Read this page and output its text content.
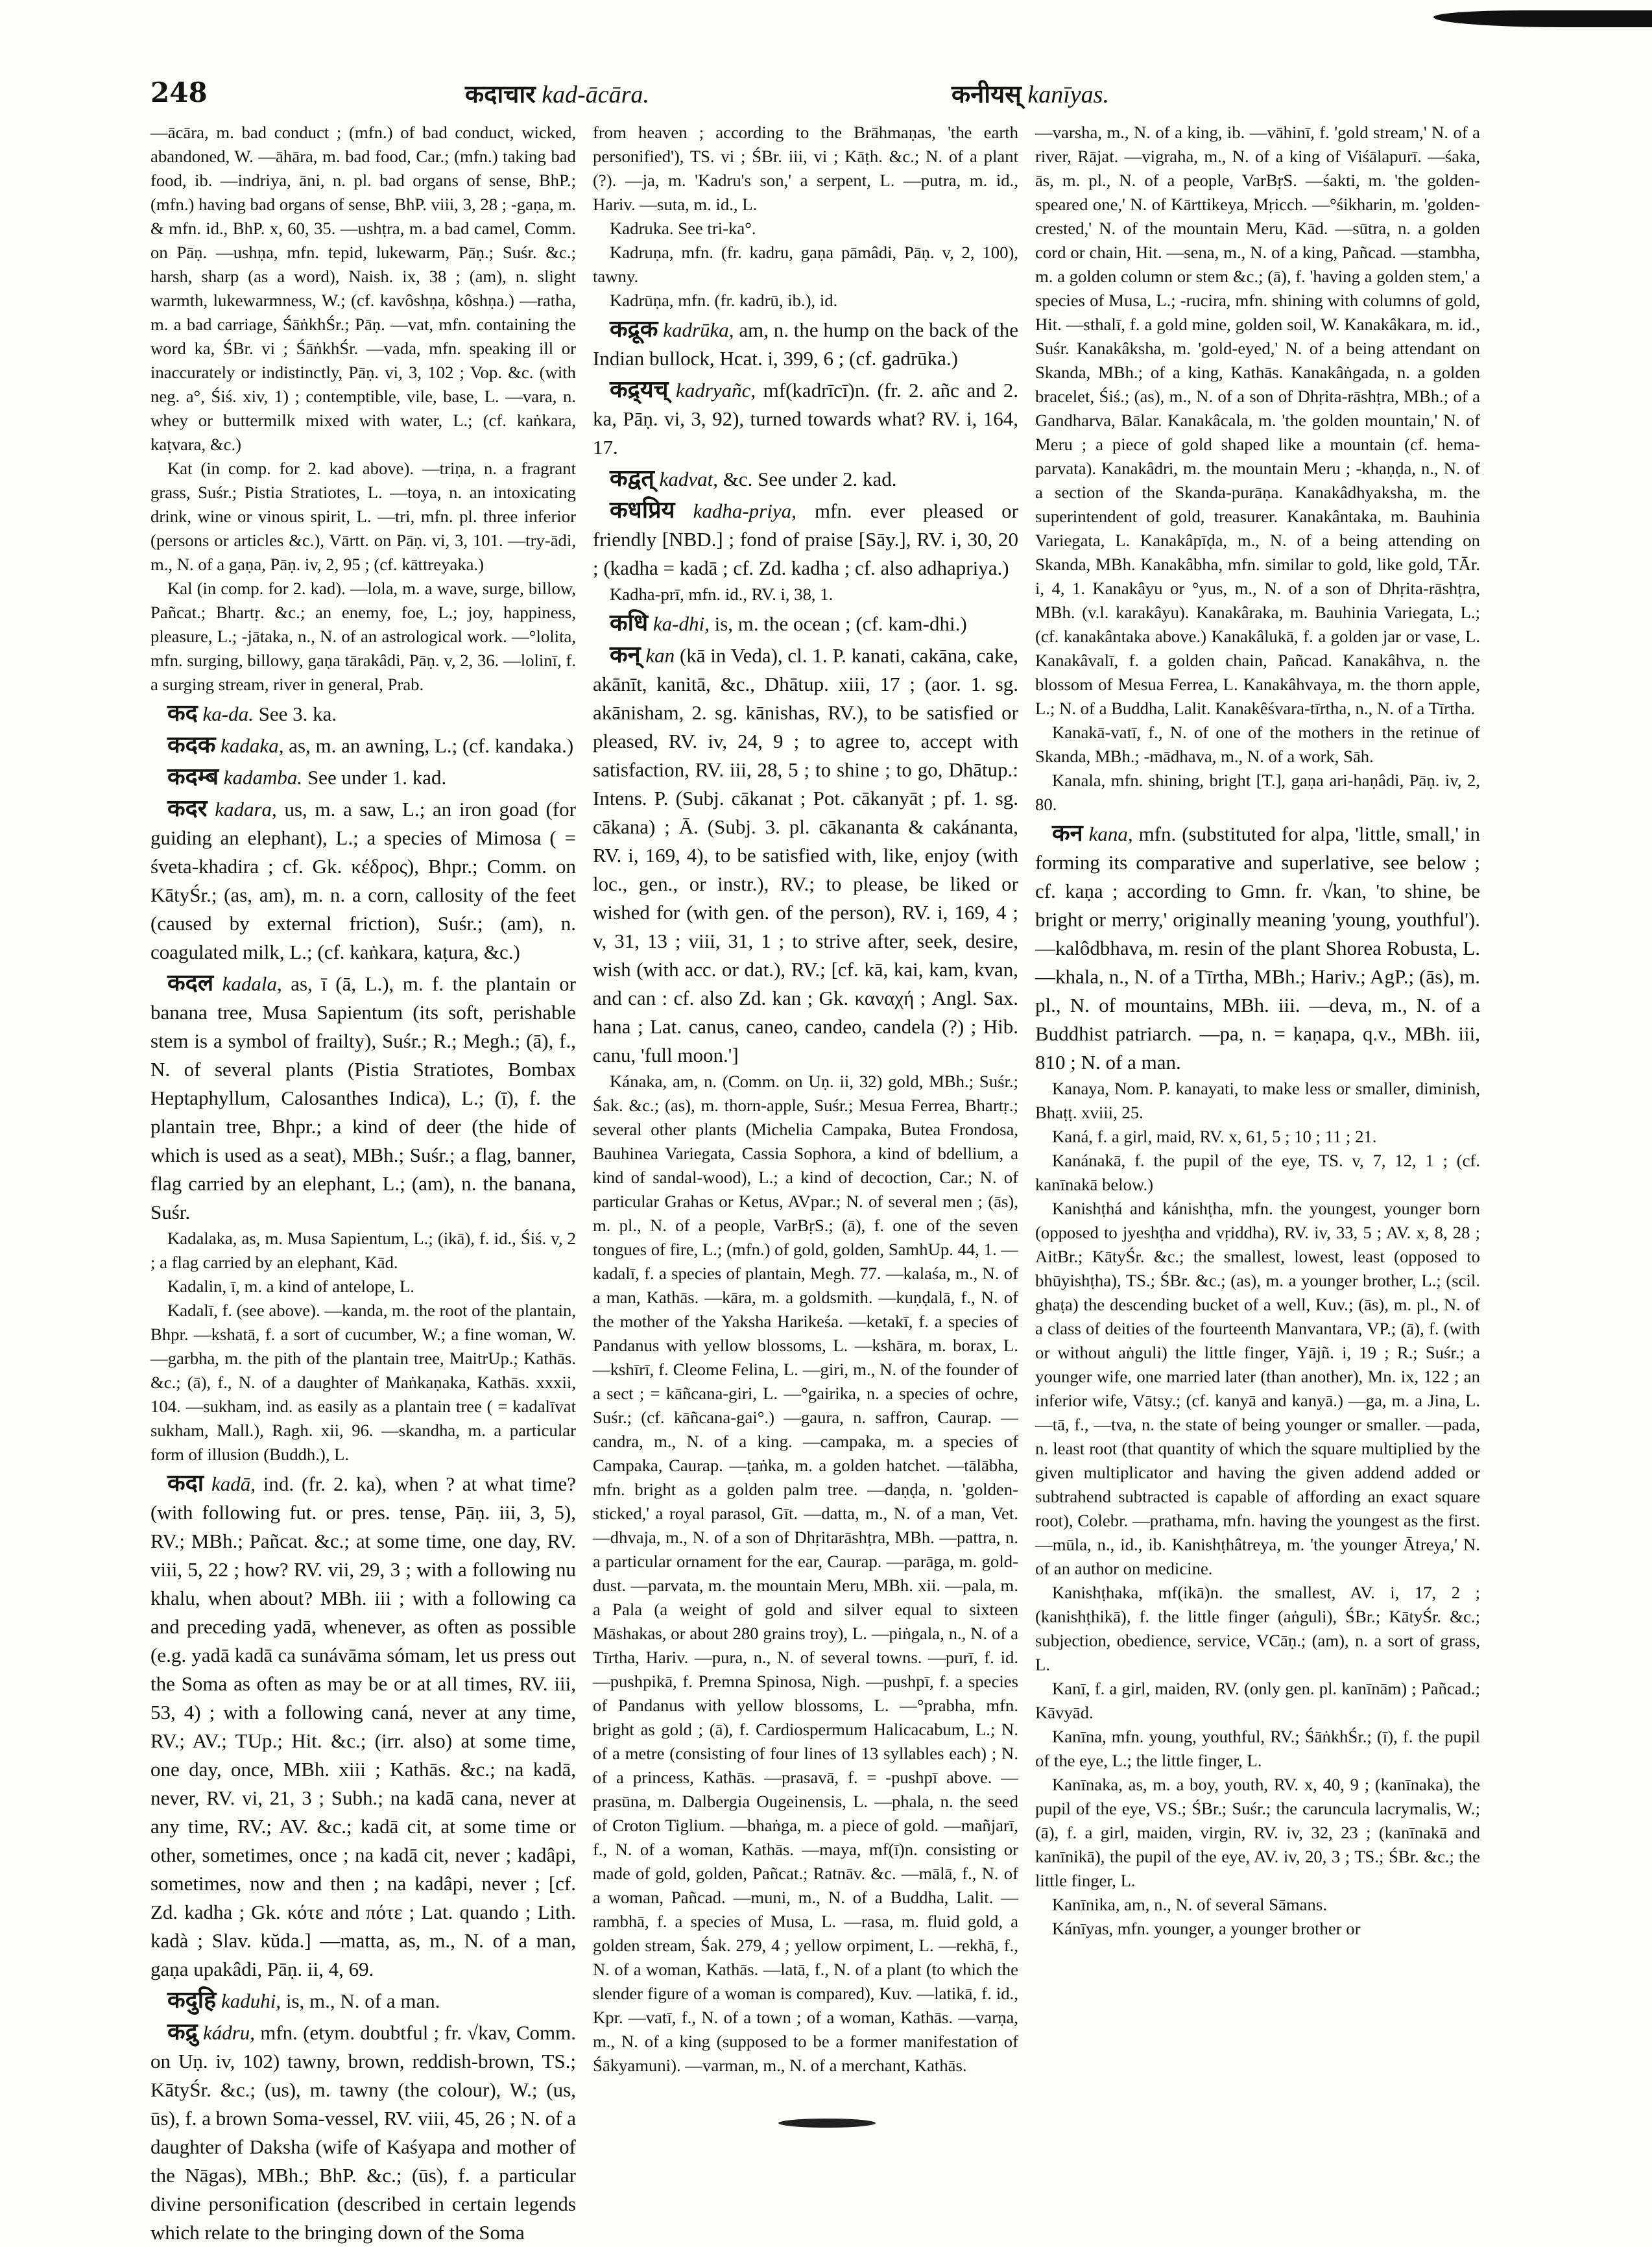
248	कदाचार kad-ācāra.	कनीयस् kanīyas.

—ācāra, m. bad conduct ; (mfn.) of bad conduct, wicked, abandoned, W. —āhāra, m. bad food, Car.; (mfn.) taking bad food, ib. —indriya, āni, n. pl. bad organs of sense, BhP.; (mfn.) having bad organs of sense, BhP. viii, 3, 28 ; -gaṇa, m. & mfn. id., BhP. x, 60, 35. —ushṭra, m. a bad camel, Comm. on Pāṇ. —ushṇa, mfn. tepid, lukewarm, Pāṇ.; Suśr. &c.; harsh, sharp (as a word), Naish. ix, 38 ; (am), n. slight warmth, lukewarmness, W.; (cf. kavôshṇa, kôshṇa.) —ratha, m. a bad carriage, ŚāṅkhŚr.; Pāṇ. —vat, mfn. containing the word ka, ŚBr. vi ; ŚāṅkhŚr. —vada, mfn. speaking ill or inaccurately or indistinctly, Pāṇ. vi, 3, 102 ; Vop. &c. (with neg. a°, Śiś. xiv, 1) ; contemptible, vile, base, L. —vara, n. whey or buttermilk mixed with water, L.; (cf. kaṅkara, kaṭvara, &c.)

Kat (in comp. for 2. kad above). —triṇa, n. a fragrant grass, Suśr.; Pistia Stratiotes, L. —toya, n. an intoxicating drink, wine or vinous spirit, L. —tri, mfn. pl. three inferior (persons or articles &c.), Vārtt. on Pāṇ. vi, 3, 101. —try-ādi, m., N. of a gaṇa, Pāṇ. iv, 2, 95 ; (cf. kāttreyaka.)

Kal (in comp. for 2. kad). —lola, m. a wave, surge, billow, Pañcat.; Bhartṛ. &c.; an enemy, foe, L.; joy, happiness, pleasure, L.; -jātaka, n., N. of an astrological work. —°lolita, mfn. surging, billowy, gaṇa tārakâdi, Pāṇ. v, 2, 36. —lolinī, f. a surging stream, river in general, Prab.

कद ka-da. See 3. ka.

कदक kadaka, as, m. an awning, L.; (cf. kandaka.)

कदम्ब kadamba. See under 1. kad.

कदर kadara, us, m. a saw, L.; an iron goad (for guiding an elephant), L.; a species of Mimosa ( = śveta-khadira ; cf. Gk. κέδρος), Bhpr.; Comm. on KātyŚr.; (as, am), m. n. a corn, callosity of the feet (caused by external friction), Suśr.; (am), n. coagulated milk, L.; (cf. kaṅkara, kaṭura, &c.)

कदल kadala, as, ī (ā, L.), m. f. the plantain or banana tree, Musa Sapientum (its soft, perishable stem is a symbol of frailty), Suśr.; R.; Megh.; (ā), f., N. of several plants (Pistia Stratiotes, Bombax Heptaphyllum, Calosanthes Indica), L.; (ī), f. the plantain tree, Bhpr.; a kind of deer (the hide of which is used as a seat), MBh.; Suśr.; a flag, banner, flag carried by an elephant, L.; (am), n. the banana, Suśr.

Kadalaka, as, m. Musa Sapientum, L.; (ikā), f. id., Śiś. v, 2 ; a flag carried by an elephant, Kād.

Kadalin, ī, m. a kind of antelope, L.

Kadalī, f. (see above). —kanda, m. the root of the plantain, Bhpr. —kshatā, f. a sort of cucumber, W.; a fine woman, W. —garbha, m. the pith of the plantain tree, MaitrUp.; Kathās. &c.; (ā), f., N. of a daughter of Maṅkaṇaka, Kathās. xxxii, 104. —sukham, ind. as easily as a plantain tree ( = kadalīvat sukham, Mall.), Ragh. xii, 96. —skandha, m. a particular form of illusion (Buddh.), L.

कदा kadā, ind. (fr. 2. ka), when ? at what time? (with following fut. or pres. tense, Pāṇ. iii, 3, 5), RV.; MBh.; Pañcat. &c.; at some time, one day, RV. viii, 5, 22 ; how? RV. vii, 29, 3 ; with a following nu khalu, when about? MBh. iii ; with a following ca and preceding yadā, whenever, as often as possible (e.g. yadā kadā ca sunávāma sómam, let us press out the Soma as often as may be or at all times, RV. iii, 53, 4) ; with a following caná, never at any time, RV.; AV.; TUp.; Hit. &c.; (irr. also) at some time, one day, once, MBh. xiii ; Kathās. &c.; na kadā, never, RV. vi, 21, 3 ; Subh.; na kadā cana, never at any time, RV.; AV. &c.; kadā cit, at some time or other, sometimes, once ; na kadā cit, never ; kadâpi, sometimes, now and then ; na kadâpi, never ; [cf. Zd. kadha ; Gk. κότε and πότε ; Lat. quando ; Lith. kadà ; Slav. kŭda.] —matta, as, m., N. of a man, gaṇa upakâdi, Pāṇ. ii, 4, 69.

कदुहि kaduhi, is, m., N. of a man.

कद्रु kádru, mfn. (etym. doubtful ; fr. √kav, Comm. on Uṇ. iv, 102) tawny, brown, reddish-brown, TS.; KātyŚr. &c.; (us), m. tawny (the colour), W.; (us, ūs), f. a brown Soma-vessel, RV. viii, 45, 26 ; N. of a daughter of Daksha (wife of Kaśyapa and mother of the Nāgas), MBh.; BhP. &c.; (ūs), f. a particular divine personification (described in certain legends which relate to the bringing down of the Soma

from heaven ; according to the Brāhmaṇas, 'the earth personified'), TS. vi ; ŚBr. iii, vi ; Kāṭh. &c.; N. of a plant (?). —ja, m. 'Kadru's son,' a serpent, L. —putra, m. id., Hariv. —suta, m. id., L.

Kadruka. See tri-ka°.

Kadruṇa, mfn. (fr. kadru, gaṇa pāmâdi, Pāṇ. v, 2, 100), tawny.

Kadrūṇa, mfn. (fr. kadrū, ib.), id.

कद्रूक kadrūka, am, n. the hump on the back of the Indian bullock, Hcat. i, 399, 6 ; (cf. gadrūka.)

कद्र्यच् kadryañc, mf(kadrīcī)n. (fr. 2. añc and 2. ka, Pāṇ. vi, 3, 92), turned towards what? RV. i, 164, 17.

कद्वत् kadvat, &c. See under 2. kad.

कधप्रिय kadha-priya, mfn. ever pleased or friendly [NBD.] ; fond of praise [Sāy.], RV. i, 30, 20 ; (kadha = kadā ; cf. Zd. kadha ; cf. also adhapriya.)

Kadha-prī, mfn. id., RV. i, 38, 1.

कधि ka-dhi, is, m. the ocean ; (cf. kam-dhi.)

कन् kan (kā in Veda), cl. 1. P. kanati, cakāna, cake, akānīt, kanitā, &c., Dhātup. xiii, 17 ; (aor. 1. sg. akānisham, 2. sg. kānishas, RV.), to be satisfied or pleased, RV. iv, 24, 9 ; to agree to, accept with satisfaction, RV. iii, 28, 5 ; to shine ; to go, Dhātup.: Intens. P. (Subj. cākanat ; Pot. cākanyāt ; pf. 1. sg. cākana) ; Ā. (Subj. 3. pl. cākananta & cakánanta, RV. i, 169, 4), to be satisfied with, like, enjoy (with loc., gen., or instr.), RV.; to please, be liked or wished for (with gen. of the person), RV. i, 169, 4 ; v, 31, 13 ; viii, 31, 1 ; to strive after, seek, desire, wish (with acc. or dat.), RV.; [cf. kā, kai, kam, kvan, and can : cf. also Zd. kan ; Gk. καναχή ; Angl. Sax. hana ; Lat. canus, caneo, candeo, candela (?) ; Hib. canu, 'full moon.']

Kánaka, am, n. (Comm. on Uṇ. ii, 32) gold, MBh.; Suśr.; Śak. &c.; (as), m. thorn-apple, Suśr.; Mesua Ferrea, Bhartṛ.; several other plants (Michelia Campaka, Butea Frondosa, Bauhinea Variegata, Cassia Sophora, a kind of bdellium, a kind of sandal-wood), L.; a kind of decoction, Car.; N. of particular Grahas or Ketus, AVpar.; N. of several men ; (ās), m. pl., N. of a people, VarBṛS.; (ā), f. one of the seven tongues of fire, L.; (mfn.) of gold, golden, SamhUp. 44, 1. —kadalī, f. a species of plantain, Megh. 77. —kalaśa, m., N. of a man, Kathās. —kāra, m. a goldsmith. —kuṇḍalā, f., N. of the mother of the Yaksha Harikeśa. —ketakī, f. a species of Pandanus with yellow blossoms, L. —kshāra, m. borax, L. —kshīrī, f. Cleome Felina, L. —giri, m., N. of the founder of a sect ; = kāñcana-giri, L. —°gairika, n. a species of ochre, Suśr.; (cf. kāñcana-gai°.) —gaura, n. saffron, Caurap. —candra, m., N. of a king. —campaka, m. a species of Campaka, Caurap. —ṭaṅka, m. a golden hatchet. —tālābha, mfn. bright as a golden palm tree. —daṇḍa, n. 'golden-sticked,' a royal parasol, Gīt. —datta, m., N. of a man, Vet. —dhvaja, m., N. of a son of Dhṛitarāshṭra, MBh. —pattra, n. a particular ornament for the ear, Caurap. —parāga, m. gold-dust. —parvata, m. the mountain Meru, MBh. xii. —pala, m. a Pala (a weight of gold and silver equal to sixteen Māshakas, or about 280 grains troy), L. —piṅgala, n., N. of a Tīrtha, Hariv. —pura, n., N. of several towns. —purī, f. id. —pushpikā, f. Premna Spinosa, Nigh. —pushpī, f. a species of Pandanus with yellow blossoms, L. —°prabha, mfn. bright as gold ; (ā), f. Cardiospermum Halicacabum, L.; N. of a metre (consisting of four lines of 13 syllables each) ; N. of a princess, Kathās. —prasavā, f. = -pushpī above. —prasūna, m. Dalbergia Ougeinensis, L. —phala, n. the seed of Croton Tiglium. —bhaṅga, m. a piece of gold. —mañjarī, f., N. of a woman, Kathās. —maya, mf(ī)n. consisting or made of gold, golden, Pañcat.; Ratnāv. &c. —mālā, f., N. of a woman, Pañcad. —muni, m., N. of a Buddha, Lalit. —rambhā, f. a species of Musa, L. —rasa, m. fluid gold, a golden stream, Śak. 279, 4 ; yellow orpiment, L. —rekhā, f., N. of a woman, Kathās. —latā, f., N. of a plant (to which the slender figure of a woman is compared), Kuv. —latikā, f. id., Kpr. —vatī, f., N. of a town ; of a woman, Kathās. —varṇa, m., N. of a king (supposed to be a former manifestation of Śākyamuni). —varman, m., N. of a merchant, Kathās.

—varsha, m., N. of a king, ib. —vāhinī, f. 'gold stream,' N. of a river, Rājat. —vigraha, m., N. of a king of Viśālapurī. —śaka, ās, m. pl., N. of a people, VarBṛS. —śakti, m. 'the golden-speared one,' N. of Kārttikeya, Mṛicch. —°śikharin, m. 'golden-crested,' N. of the mountain Meru, Kād. —sūtra, n. a golden cord or chain, Hit. —sena, m., N. of a king, Pañcad. —stambha, m. a golden column or stem &c.; (ā), f. 'having a golden stem,' a species of Musa, L.; -rucira, mfn. shining with columns of gold, Hit. —sthalī, f. a gold mine, golden soil, W. Kanakâkara, m. id., Suśr. Kanakâksha, m. 'gold-eyed,' N. of a being attendant on Skanda, MBh.; of a king, Kathās. Kanakâṅgada, n. a golden bracelet, Śiś.; (as), m., N. of a son of Dhṛita-rāshṭra, MBh.; of a Gandharva, Bālar. Kanakâcala, m. 'the golden mountain,' N. of Meru ; a piece of gold shaped like a mountain (cf. hema-parvata). Kanakâdri, m. the mountain Meru ; -khaṇḍa, n., N. of a section of the Skanda-purāṇa. Kanakâdhyaksha, m. the superintendent of gold, treasurer. Kanakântaka, m. Bauhinia Variegata, L. Kanakâpīḍa, m., N. of a being attending on Skanda, MBh. Kanakâbha, mfn. similar to gold, like gold, TĀr. i, 4, 1. Kanakâyu or °yus, m., N. of a son of Dhṛita-rāshṭra, MBh. (v.l. karakâyu). Kanakâraka, m. Bauhinia Variegata, L.; (cf. kanakântaka above.) Kanakâlukā, f. a golden jar or vase, L. Kanakâvalī, f. a golden chain, Pañcad. Kanakâhva, n. the blossom of Mesua Ferrea, L. Kanakâhvaya, m. the thorn apple, L.; N. of a Buddha, Lalit. Kanakêśvara-tīrtha, n., N. of a Tīrtha.

Kanakā-vatī, f., N. of one of the mothers in the retinue of Skanda, MBh.; -mādhava, m., N. of a work, Sāh.

Kanala, mfn. shining, bright [T.], gaṇa ari-haṇâdi, Pāṇ. iv, 2, 80.

कन kana, mfn. (substituted for alpa, 'little, small,' in forming its comparative and superlative, see below ; cf. kaṇa ; according to Gmn. fr. √kan, 'to shine, be bright or merry,' originally meaning 'young, youthful'). —kalôdbhava, m. resin of the plant Shorea Robusta, L. —khala, n., N. of a Tīrtha, MBh.; Hariv.; AgP.; (ās), m. pl., N. of mountains, MBh. iii. —deva, m., N. of a Buddhist patriarch. —pa, n. = kaṇapa, q.v., MBh. iii, 810 ; N. of a man.

Kanaya, Nom. P. kanayati, to make less or smaller, diminish, Bhaṭṭ. xviii, 25.

Kaná, f. a girl, maid, RV. x, 61, 5 ; 10 ; 11 ; 21.

Kanánakā, f. the pupil of the eye, TS. v, 7, 12, 1 ; (cf. kanīnakā below.)

Kanishṭhá and kánishṭha, mfn. the youngest, younger born (opposed to jyeshṭha and vṛiddha), RV. iv, 33, 5 ; AV. x, 8, 28 ; AitBr.; KātyŚr. &c.; the smallest, lowest, least (opposed to bhūyishṭha), TS.; ŚBr. &c.; (as), m. a younger brother, L.; (scil. ghaṭa) the descending bucket of a well, Kuv.; (ās), m. pl., N. of a class of deities of the fourteenth Manvantara, VP.; (ā), f. (with or without aṅguli) the little finger, Yājñ. i, 19 ; R.; Suśr.; a younger wife, one married later (than another), Mn. ix, 122 ; an inferior wife, Vātsy.; (cf. kanyā and kanyā.) —ga, m. a Jina, L. —tā, f., —tva, n. the state of being younger or smaller. —pada, n. least root (that quantity of which the square multiplied by the given multiplicator and having the given addend added or subtrahend subtracted is capable of affording an exact square root), Colebr. —prathama, mfn. having the youngest as the first. —mūla, n., id., ib. Kanishṭhâtreya, m. 'the younger Ātreya,' N. of an author on medicine.

Kanishṭhaka, mf(ikā)n. the smallest, AV. i, 17, 2 ; (kanishṭhikā), f. the little finger (aṅguli), ŚBr.; KātyŚr. &c.; subjection, obedience, service, VCāṇ.; (am), n. a sort of grass, L.

Kanī, f. a girl, maiden, RV. (only gen. pl. kanīnām) ; Pañcad.; Kāvyād.

Kanīna, mfn. young, youthful, RV.; ŚāṅkhŚr.; (ī), f. the pupil of the eye, L.; the little finger, L.

Kanīnaka, as, m. a boy, youth, RV. x, 40, 9 ; (kanīnaka), the pupil of the eye, VS.; ŚBr.; Suśr.; the caruncula lacrymalis, W.; (ā), f. a girl, maiden, virgin, RV. iv, 32, 23 ; (kanīnakā and kanīnikā), the pupil of the eye, AV. iv, 20, 3 ; TS.; ŚBr. &c.; the little finger, L.

Kanīnika, am, n., N. of several Sāmans.

Kánīyas, mfn. younger, a younger brother or
